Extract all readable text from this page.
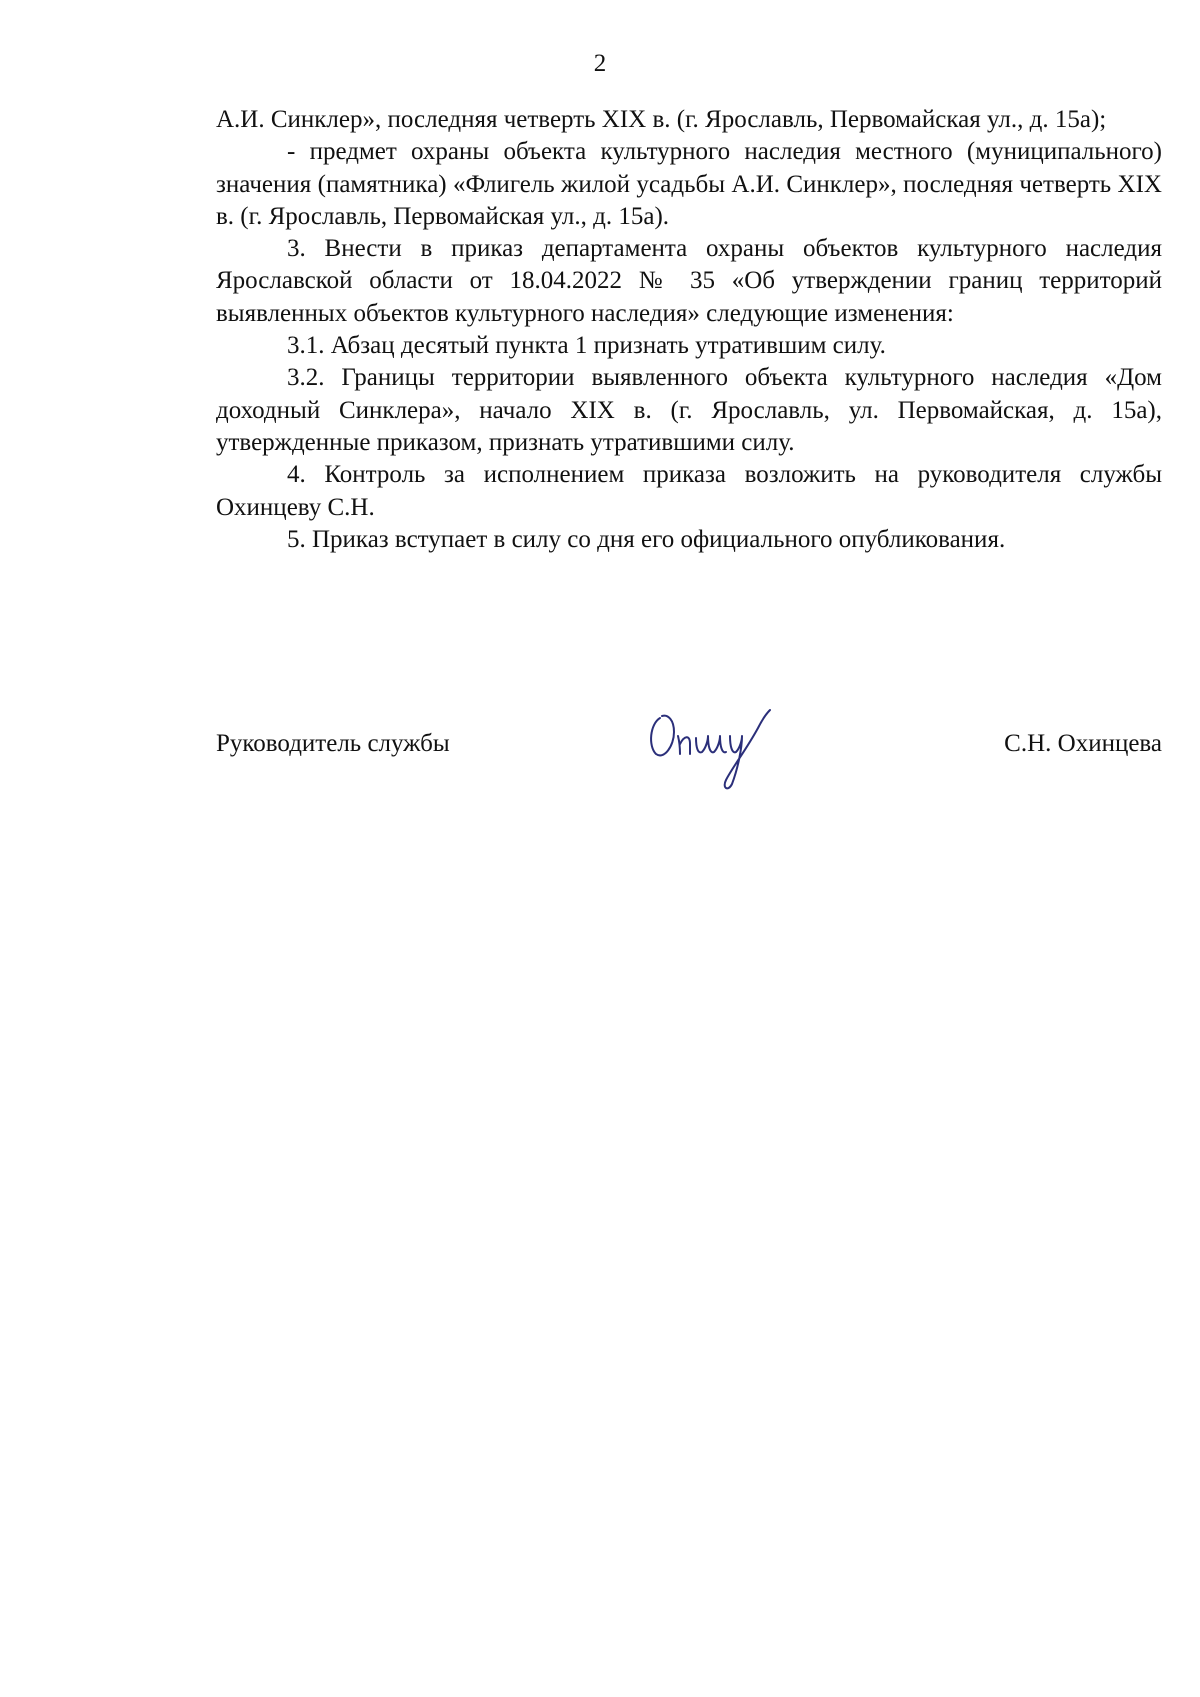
2

А.И. Синклер», последняя четверть XIX в. (г. Ярославль, Первомайская ул., д. 15а);

- предмет охраны объекта культурного наследия местного (муниципального) значения (памятника) «Флигель жилой усадьбы А.И. Синклер», последняя четверть XIX в. (г. Ярославль, Первомайская ул., д. 15а).

3. Внести в приказ департамента охраны объектов культурного наследия Ярославской области от 18.04.2022 № 35 «Об утверждении границ территорий выявленных объектов культурного наследия» следующие изменения:

3.1. Абзац десятый пункта 1 признать утратившим силу.

3.2. Границы территории выявленного объекта культурного наследия «Дом доходный Синклера», начало XIX в. (г. Ярославль, ул. Первомайская, д. 15а), утвержденные приказом, признать утратившими силу.

4. Контроль за исполнением приказа возложить на руководителя службы Охинцеву С.Н.

5. Приказ вступает в силу со дня его официального опубликования.

Руководитель службы	С.Н. Охинцева
